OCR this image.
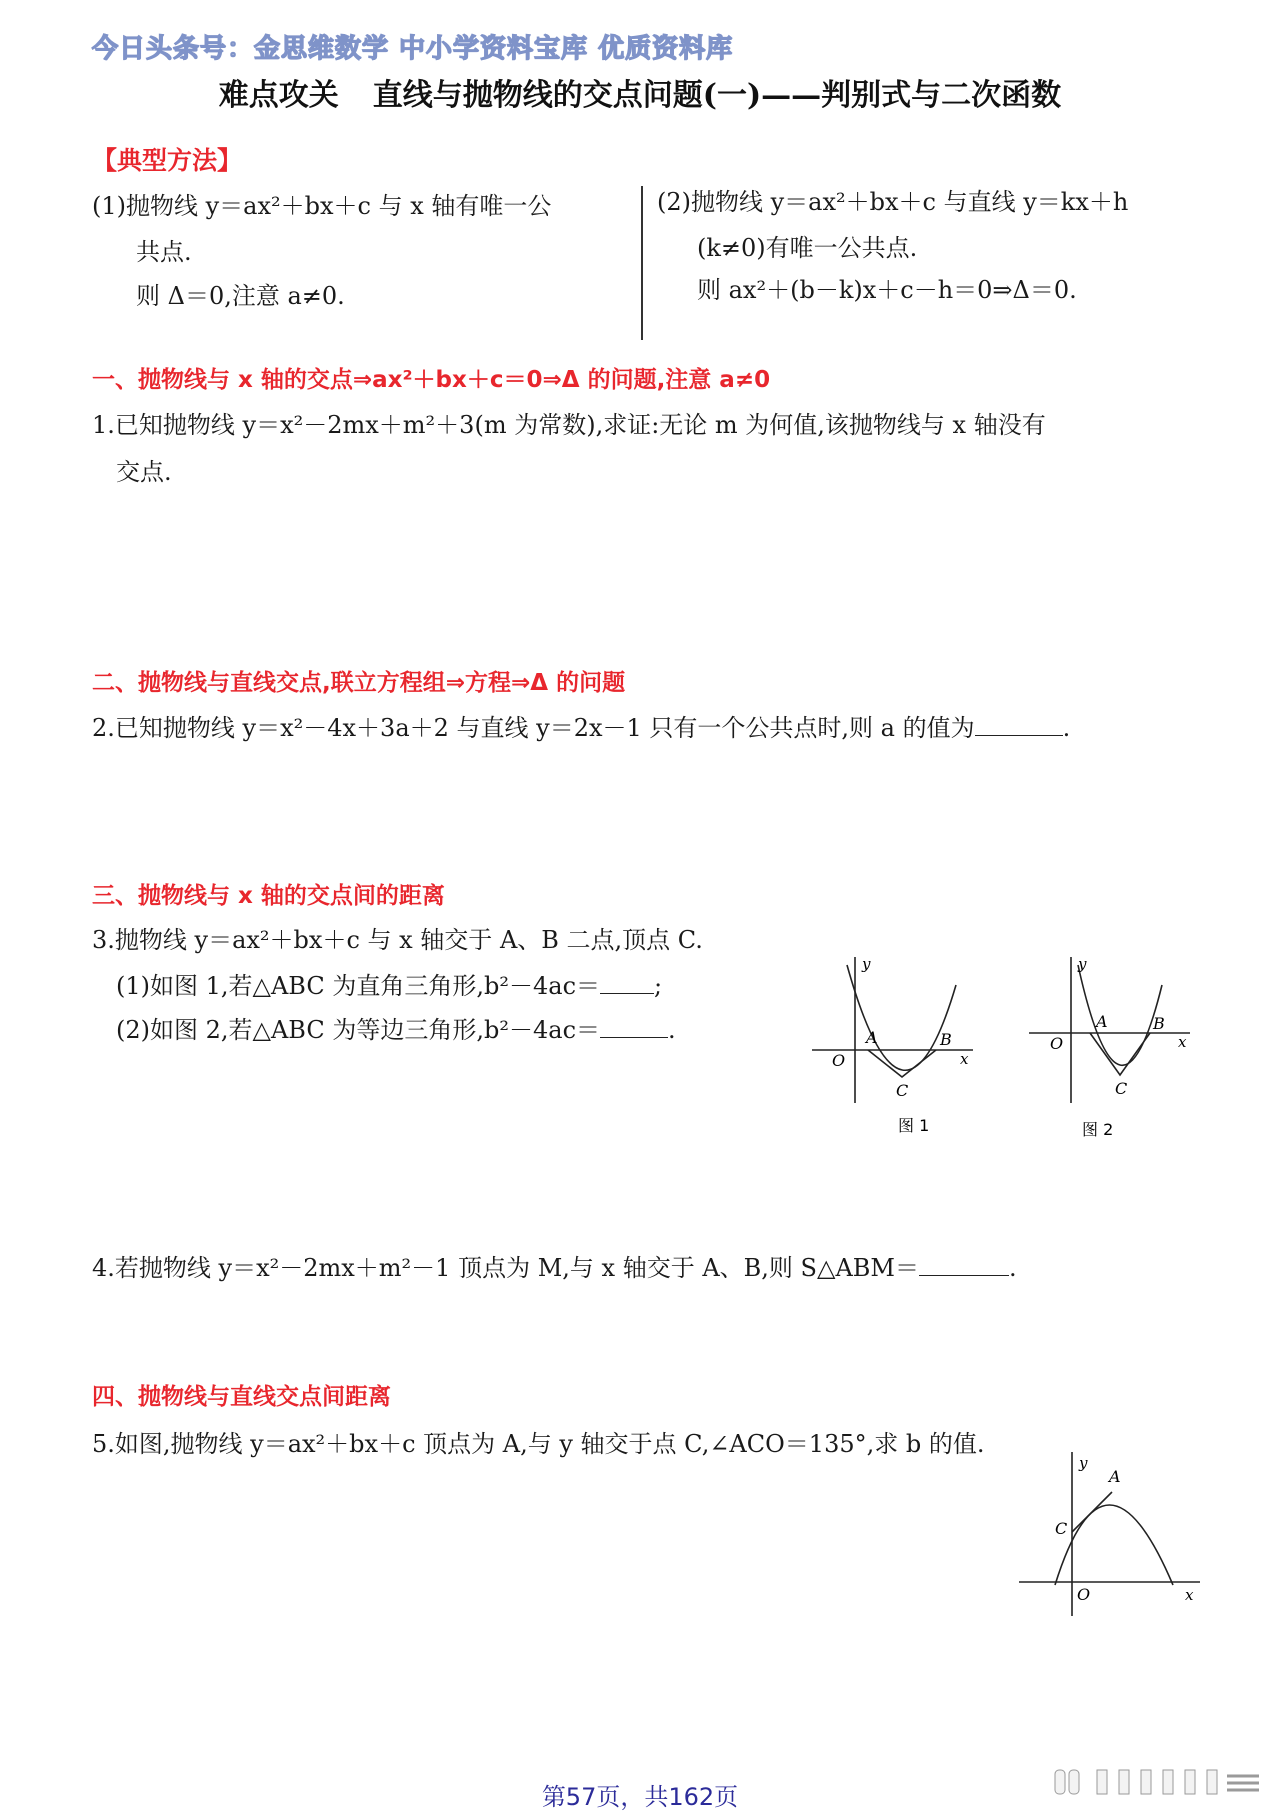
今日头条号：金思维数学 中小学资料宝库 优质资料库
难点攻关 直线与抛物线的交点问题(一)——判别式与二次函数
【典型方法】
(1)抛物线 y＝ax²＋bx＋c 与 x 轴有唯一公
共点.
则 Δ＝0,注意 a≠0.
(2)抛物线 y＝ax²＋bx＋c 与直线 y＝kx＋h
(k≠0)有唯一公共点.
则 ax²＋(b－k)x＋c－h＝0⇒Δ＝0.
一、抛物线与 x 轴的交点⇒ax²＋bx＋c＝0⇒Δ 的问题,注意 a≠0
1.已知抛物线 y＝x²－2mx＋m²＋3(m 为常数),求证:无论 m 为何值,该抛物线与 x 轴没有
交点.
二、抛物线与直线交点,联立方程组⇒方程⇒Δ 的问题
2.已知抛物线 y＝x²－4x＋3a＋2 与直线 y＝2x－1 只有一个公共点时,则 a 的值为	.
三、抛物线与 x 轴的交点间的距离
3.抛物线 y＝ax²＋bx＋c 与 x 轴交于 A、B 二点,顶点 C.
(1)如图 1,若△ABC 为直角三角形,b²－4ac＝ ;
(2)如图 2,若△ABC 为等边三角形,b²－4ac＝	.
y
x
O
A	B
C
图 1
y
x
O
A	B
C
图 2
4.若抛物线 y＝x²－2mx＋m²－1 顶点为 M,与 x 轴交于 A、B,则 S△ABM＝	.
四、抛物线与直线交点间距离
5.如图,抛物线 y＝ax²＋bx＋c 顶点为 A,与 y 轴交于点 C,∠ACO＝135°,求 b 的值.
y
x
O
A
C
第57页，共162页
